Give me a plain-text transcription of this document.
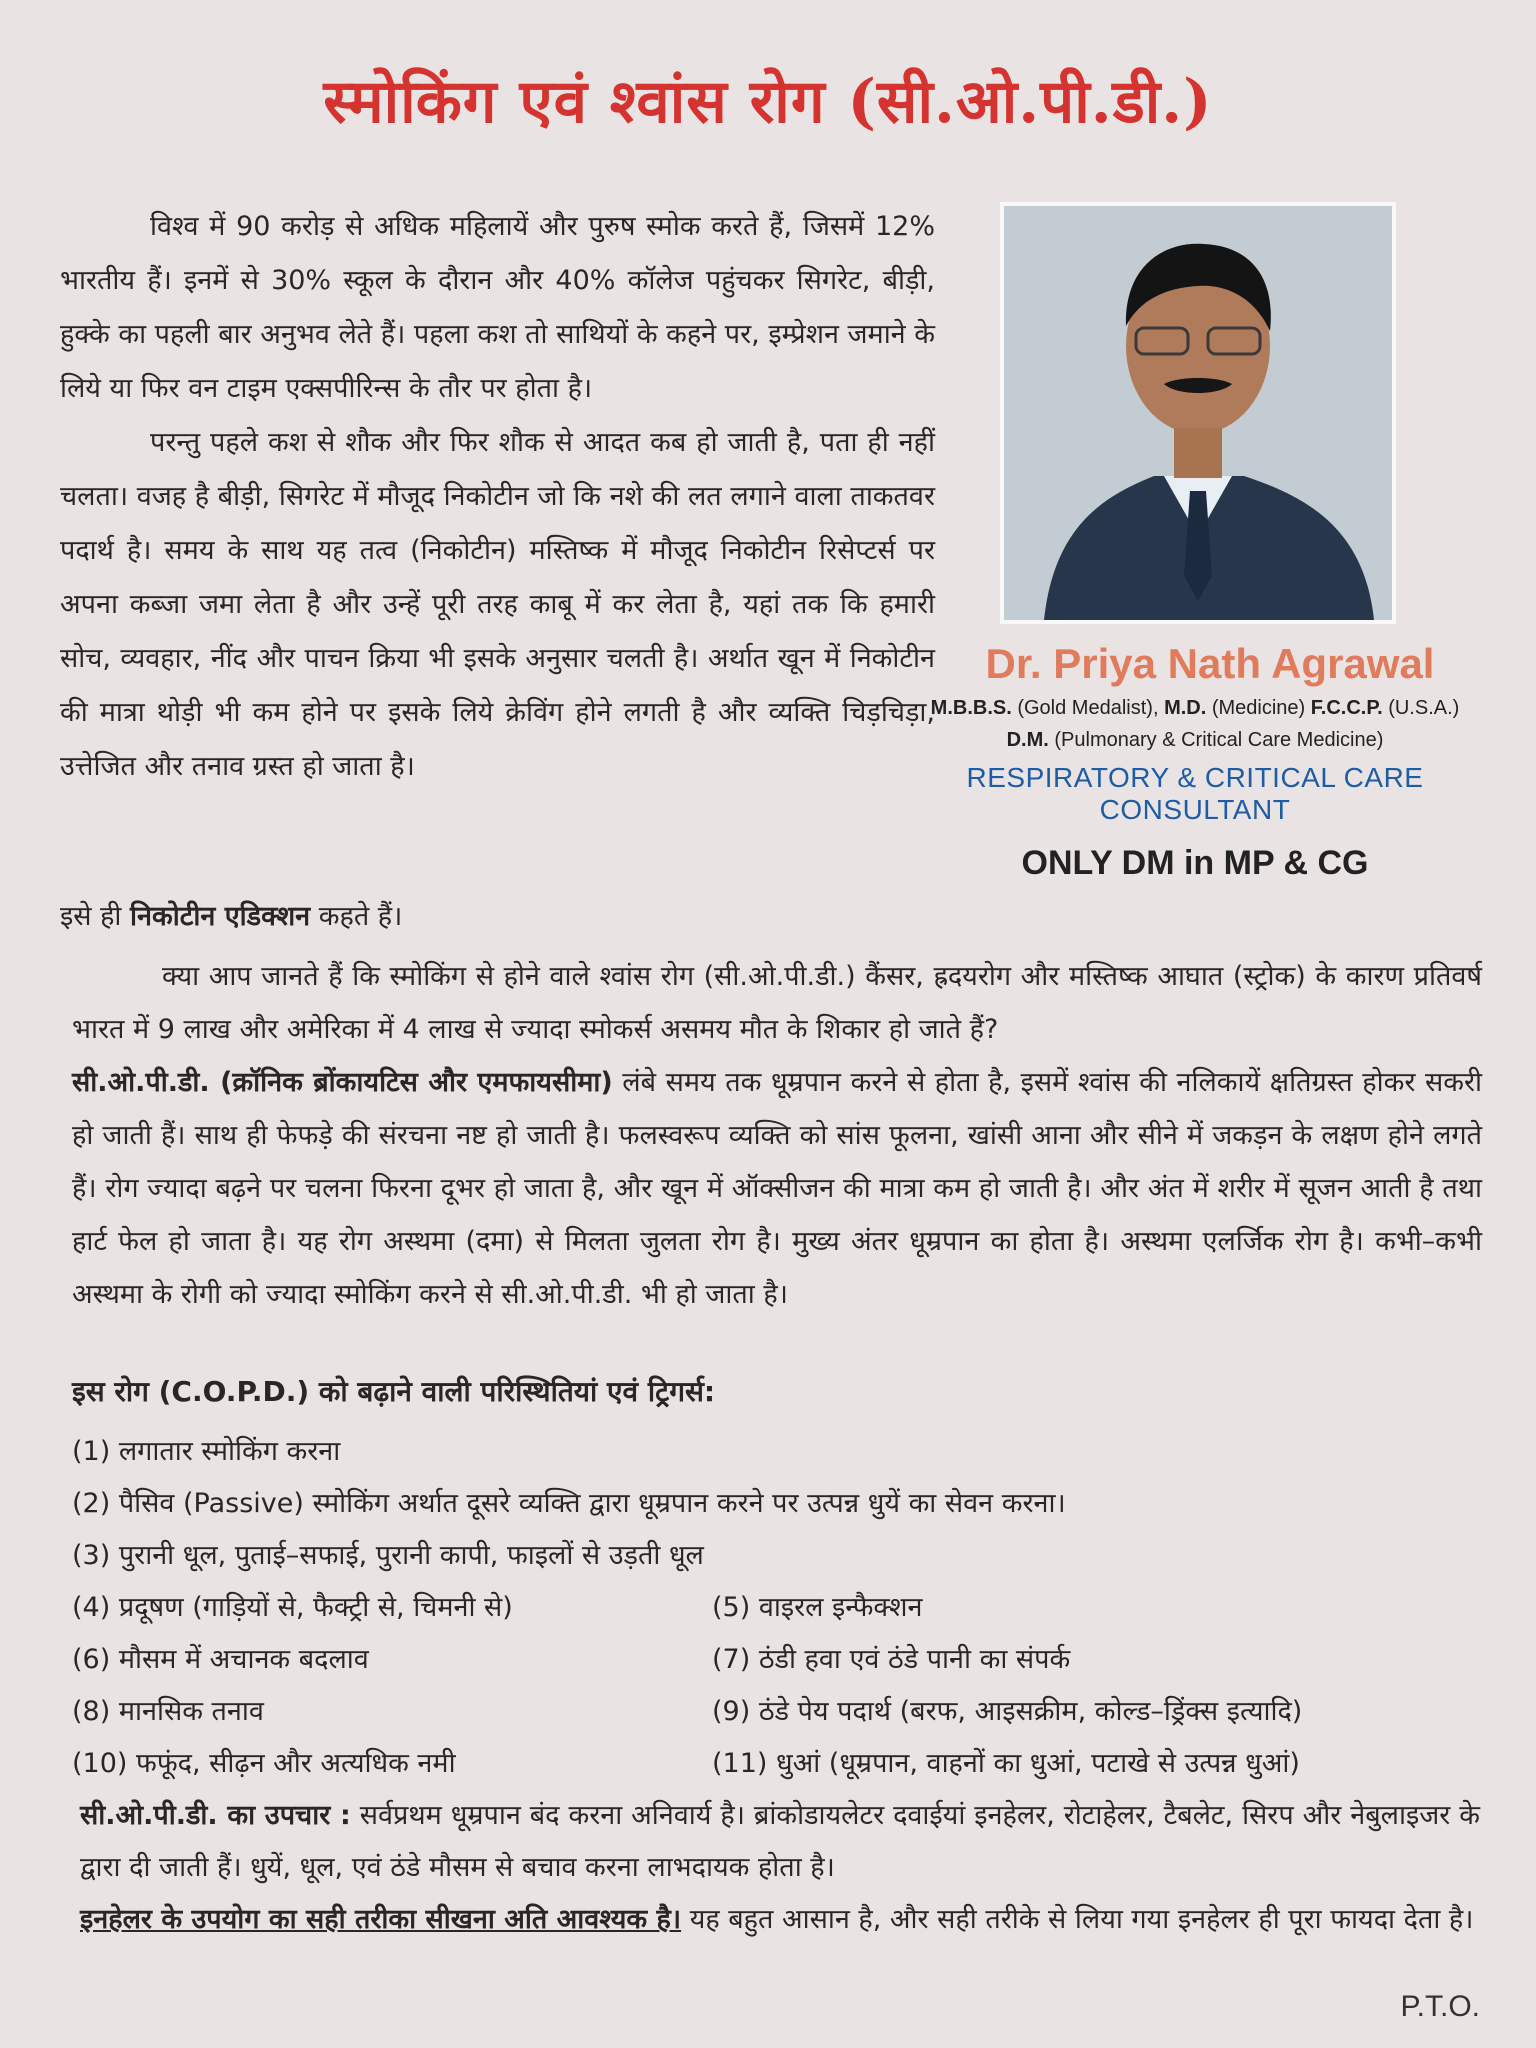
स्मोकिंग एवं श्वांस रोग (सी.ओ.पी.डी.)

विश्व में 90 करोड़ से अधिक महिलायें और पुरुष स्मोक करते हैं, जिसमें 12% भारतीय हैं। इनमें से 30% स्कूल के दौरान और 40% कॉलेज पहुंचकर सिगरेट, बीड़ी, हुक्के का पहली बार अनुभव लेते हैं। पहला कश तो साथियों के कहने पर, इम्प्रेशन जमाने के लिये या फिर वन टाइम एक्सपीरिन्स के तौर पर होता है।

परन्तु पहले कश से शौक और फिर शौक से आदत कब हो जाती है, पता ही नहीं चलता। वजह है बीड़ी, सिगरेट में मौजूद निकोटीन जो कि नशे की लत लगाने वाला ताकतवर पदार्थ है। समय के साथ यह तत्व (निकोटीन) मस्तिष्क में मौजूद निकोटीन रिसेप्टर्स पर अपना कब्जा जमा लेता है और उन्हें पूरी तरह काबू में कर लेता है, यहां तक कि हमारी सोच, व्यवहार, नींद और पाचन क्रिया भी इसके अनुसार चलती है। अर्थात खून में निकोटीन की मात्रा थोड़ी भी कम होने पर इसके लिये क्रेविंग होने लगती है और व्यक्ति चिड़चिड़ा, उत्तेजित और तनाव ग्रस्त हो जाता है।

Dr. Priya Nath Agrawal
M.B.B.S. (Gold Medalist), M.D. (Medicine) F.C.C.P. (U.S.A.)
D.M. (Pulmonary & Critical Care Medicine)
RESPIRATORY & CRITICAL CARE CONSULTANT
ONLY DM in MP & CG
इसे ही निकोटीन एडिक्शन कहते हैं।

क्या आप जानते हैं कि स्मोकिंग से होने वाले श्वांस रोग (सी.ओ.पी.डी.) कैंसर, ह्रदयरोग और मस्तिष्क आघात (स्ट्रोक) के कारण प्रतिवर्ष भारत में 9 लाख और अमेरिका में 4 लाख से ज्यादा स्मोकर्स असमय मौत के शिकार हो जाते हैं?

सी.ओ.पी.डी. (क्रॉनिक ब्रोंकायटिस और एमफायसीमा) लंबे समय तक धूम्रपान करने से होता है, इसमें श्वांस की नलिकायें क्षतिग्रस्त होकर सकरी हो जाती हैं। साथ ही फेफड़े की संरचना नष्ट हो जाती है। फलस्वरूप व्यक्ति को सांस फूलना, खांसी आना और सीने में जकड़न के लक्षण होने लगते हैं। रोग ज्यादा बढ़ने पर चलना फिरना दूभर हो जाता है, और खून में ऑक्सीजन की मात्रा कम हो जाती है। और अंत में शरीर में सूजन आती है तथा हार्ट फेल हो जाता है। यह रोग अस्थमा (दमा) से मिलता जुलता रोग है। मुख्य अंतर धूम्रपान का होता है। अस्थमा एलर्जिक रोग है। कभी–कभी अस्थमा के रोगी को ज्यादा स्मोकिंग करने से सी.ओ.पी.डी. भी हो जाता है।

इस रोग (C.O.P.D.) को बढ़ाने वाली परिस्थितियां एवं ट्रिगर्स:
(1) लगातार स्मोकिंग करना
(2) पैसिव (Passive) स्मोकिंग अर्थात दूसरे व्यक्ति द्वारा धूम्रपान करने पर उत्पन्न धुयें का सेवन करना।
(3) पुरानी धूल, पुताई–सफाई, पुरानी कापी, फाइलों से उड़ती धूल
(4) प्रदूषण (गाड़ियों से, फैक्ट्री से, चिमनी से)	(5) वाइरल इन्फैक्शन
(6) मौसम में अचानक बदलाव	(7) ठंडी हवा एवं ठंडे पानी का संपर्क
(8) मानसिक तनाव	(9) ठंडे पेय पदार्थ (बरफ, आइसक्रीम, कोल्ड–ड्रिंक्स इत्यादि)
(10) फफूंद, सीढ़न और अत्यधिक नमी	(11) धुआं (धूम्रपान, वाहनों का धुआं, पटाखे से उत्पन्न धुआं)

सी.ओ.पी.डी. का उपचार : सर्वप्रथम धूम्रपान बंद करना अनिवार्य है। ब्रांकोडायलेटर दवाईयां इनहेलर, रोटाहेलर, टैबलेट, सिरप और नेबुलाइजर के द्वारा दी जाती हैं। धुयें, धूल, एवं ठंडे मौसम से बचाव करना लाभदायक होता है।

इनहेलर के उपयोग का सही तरीका सीखना अति आवश्यक है। यह बहुत आसान है, और सही तरीके से लिया गया इनहेलर ही पूरा फायदा देता है।

P.T.O.
